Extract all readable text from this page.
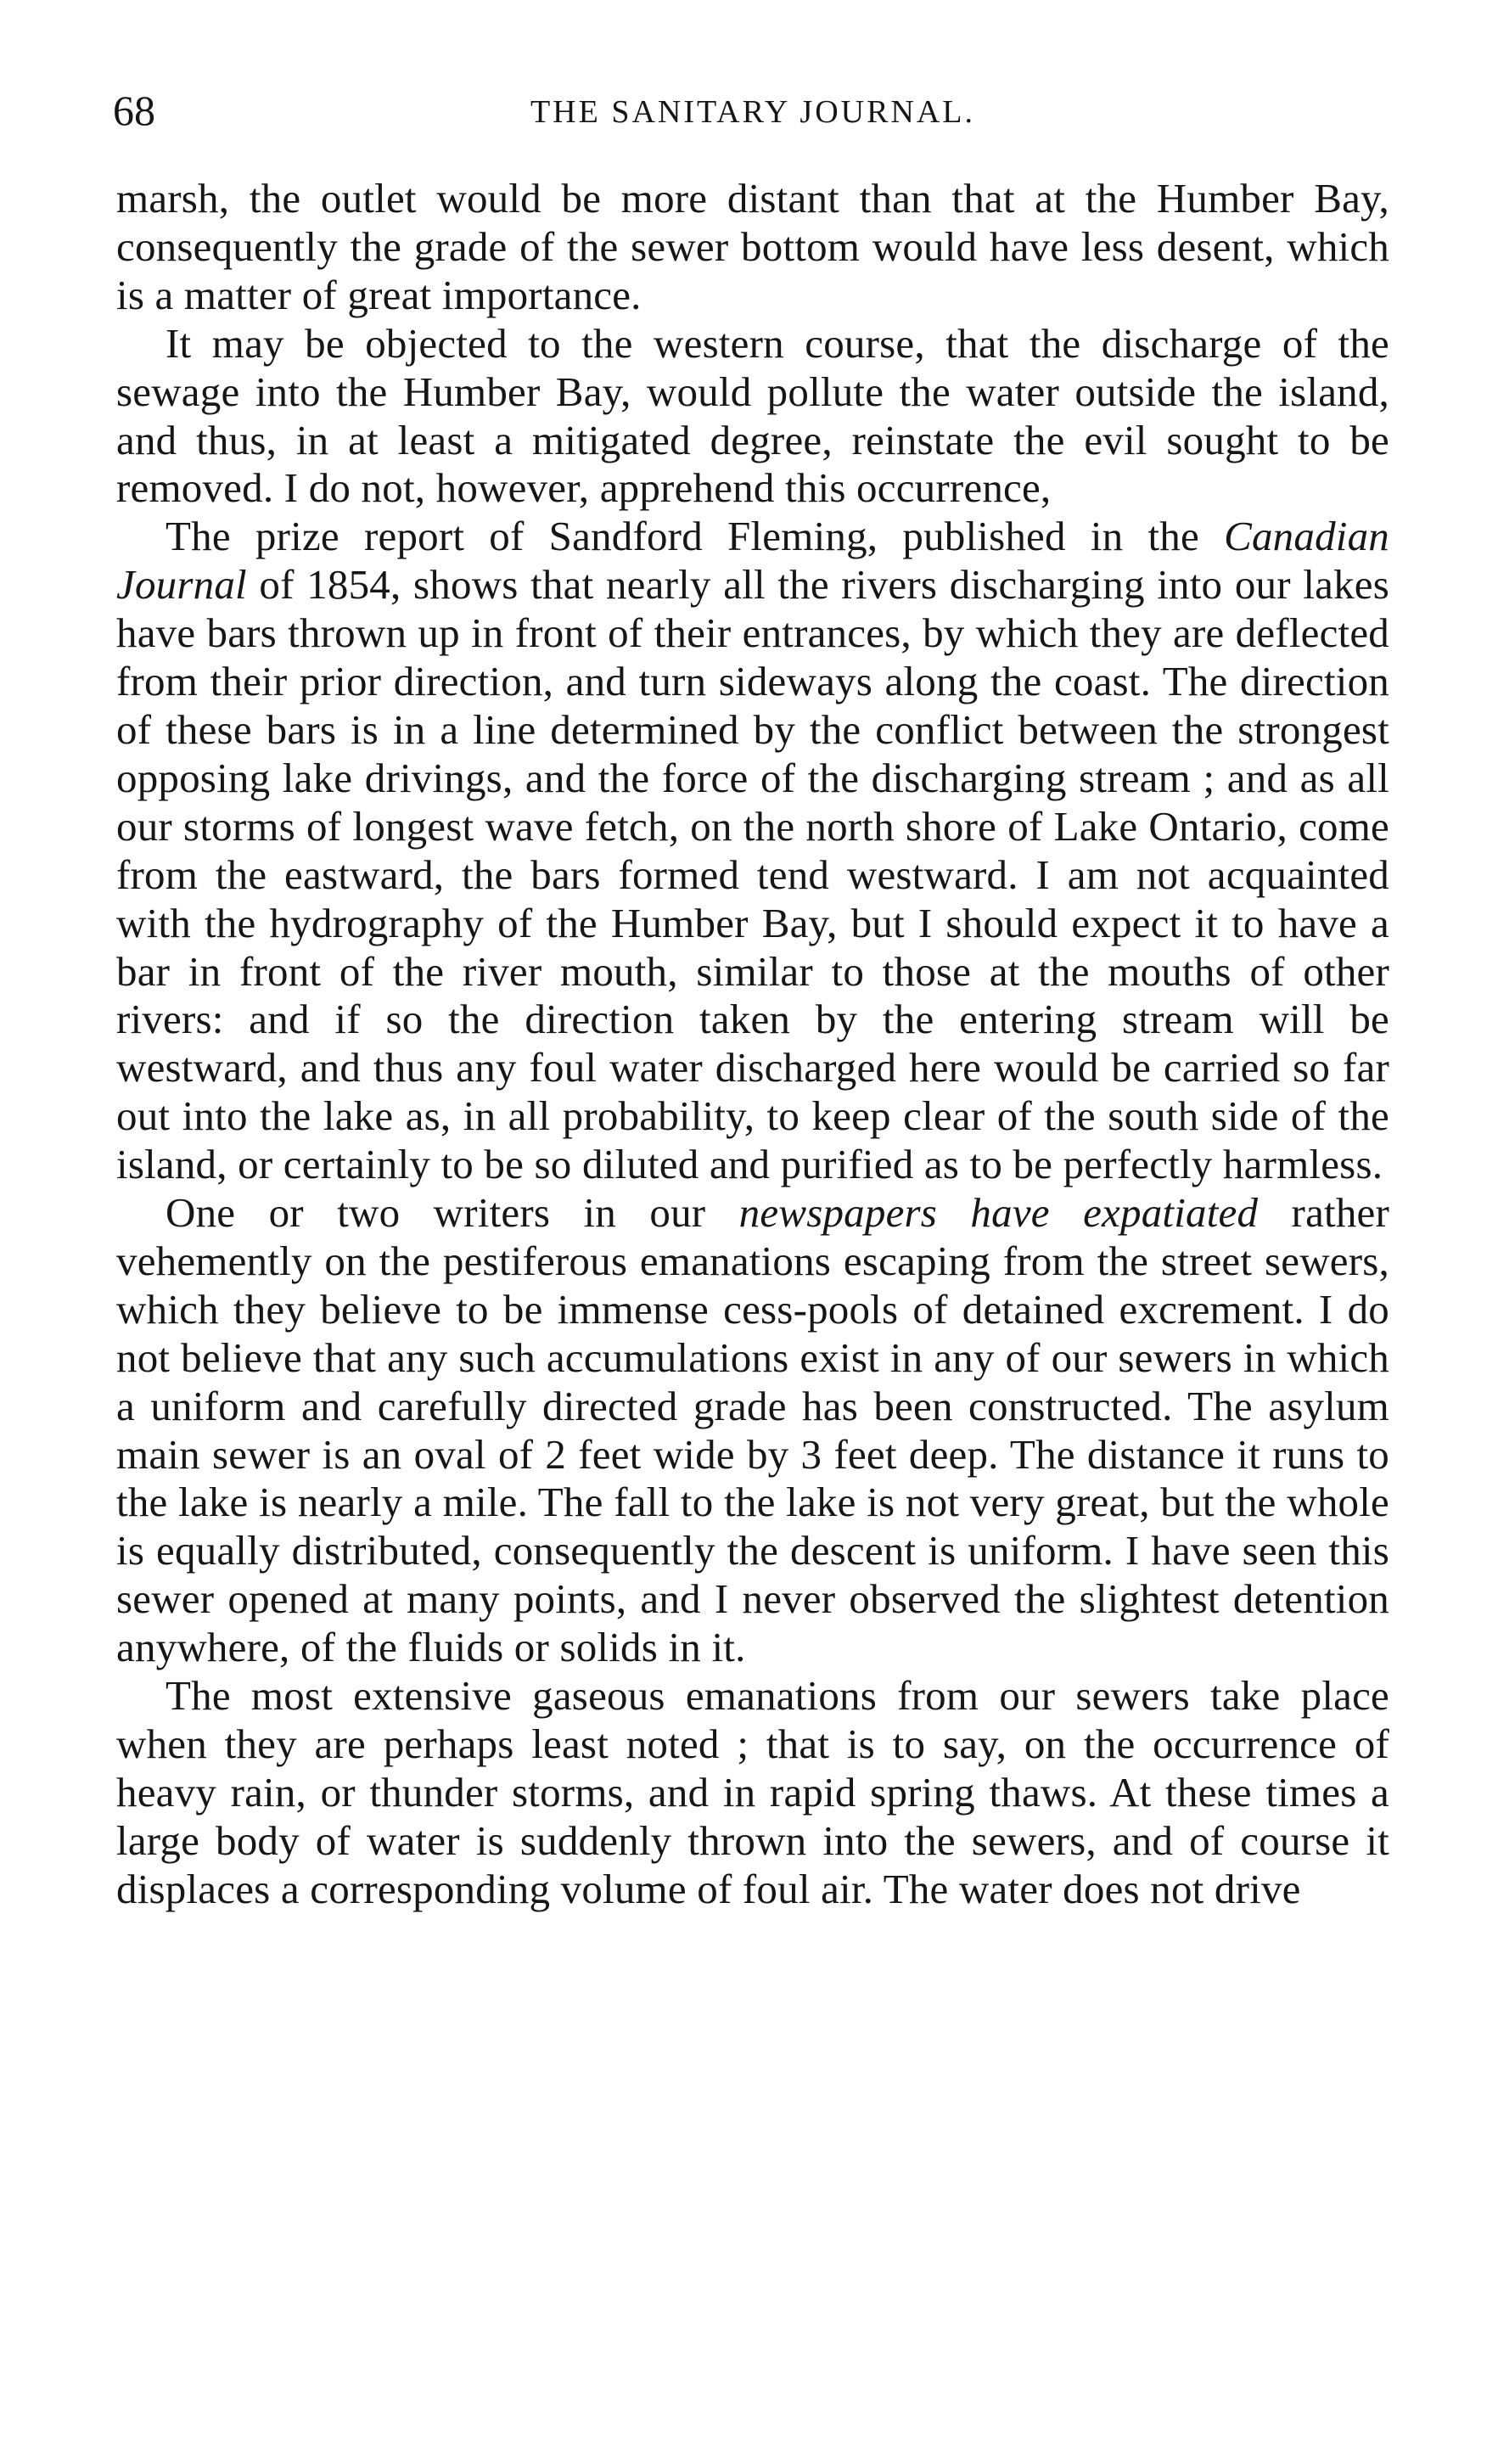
68	THE SANITARY JOURNAL.

marsh, the outlet would be more distant than that at the Humber Bay, consequently the grade of the sewer bottom would have less desent, which is a matter of great importance.

It may be objected to the western course, that the discharge of the sewage into the Humber Bay, would pollute the water outside the island, and thus, in at least a mitigated degree, reinstate the evil sought to be removed. I do not, however, apprehend this occurrence,

The prize report of Sandford Fleming, published in the Canadian Journal of 1854, shows that nearly all the rivers discharging into our lakes have bars thrown up in front of their entrances, by which they are deflected from their prior direction, and turn sideways along the coast. The direction of these bars is in a line determined by the conflict between the strongest opposing lake drivings, and the force of the discharging stream ; and as all our storms of longest wave fetch, on the north shore of Lake Ontario, come from the eastward, the bars formed tend westward. I am not acquainted with the hydrography of the Humber Bay, but I should expect it to have a bar in front of the river mouth, similar to those at the mouths of other rivers: and if so the direction taken by the entering stream will be westward, and thus any foul water discharged here would be carried so far out into the lake as, in all probability, to keep clear of the south side of the island, or certainly to be so diluted and purified as to be perfectly harmless.

One or two writers in our newspapers have expatiated rather vehemently on the pestiferous emanations escaping from the street sewers, which they believe to be immense cess-pools of detained excrement. I do not believe that any such accumulations exist in any of our sewers in which a uniform and carefully directed grade has been constructed. The asylum main sewer is an oval of 2 feet wide by 3 feet deep. The distance it runs to the lake is nearly a mile. The fall to the lake is not very great, but the whole is equally distributed, consequently the descent is uniform. I have seen this sewer opened at many points, and I never observed the slightest detention anywhere, of the fluids or solids in it.

The most extensive gaseous emanations from our sewers take place when they are perhaps least noted ; that is to say, on the occurrence of heavy rain, or thunder storms, and in rapid spring thaws. At these times a large body of water is suddenly thrown into the sewers, and of course it displaces a corresponding volume of foul air. The water does not drive
